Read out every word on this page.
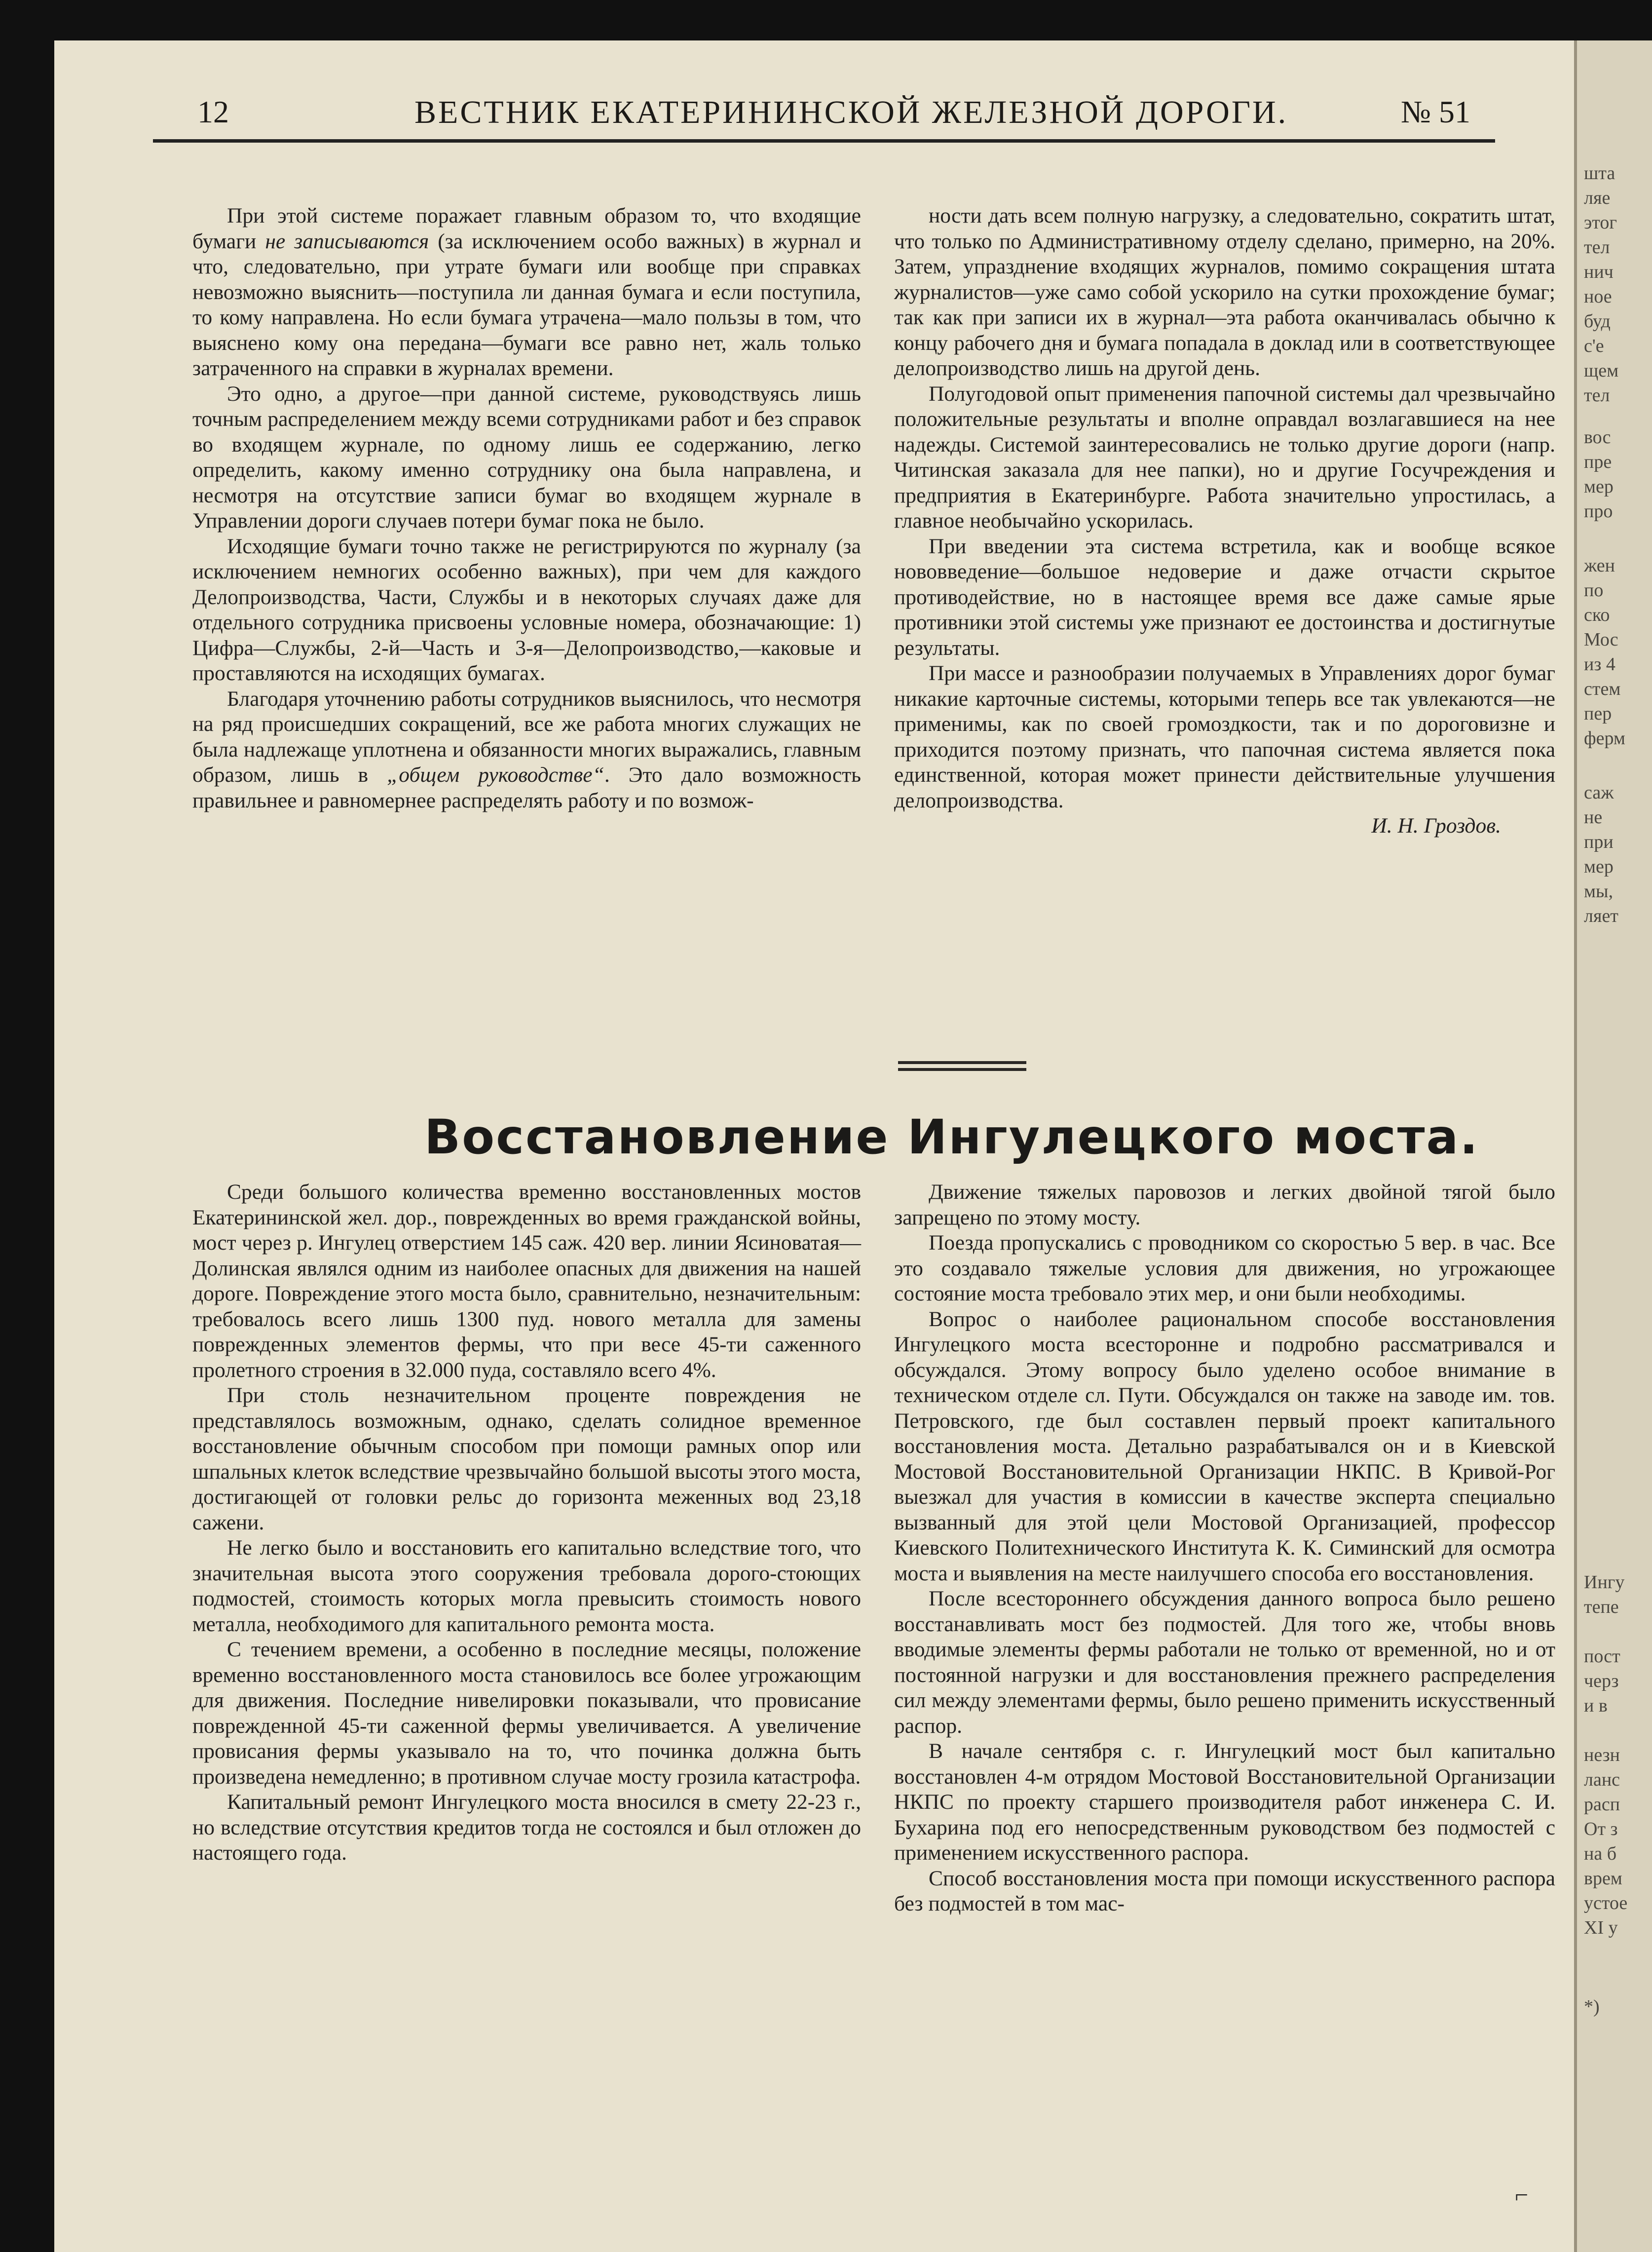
12	ВЕСТНИК ЕКАТЕРИНИНСКОЙ ЖЕЛЕЗНОЙ ДОРОГИ.	№ 51

При этой системе поражает главным образом то, что входящие бумаги не записываются (за исключением особо важных) в журнал и что, следовательно, при утрате бумаги или вообще при справках невозможно выяснить—поступила ли данная бумага и если поступила, то кому направлена. Но если бумага утрачена—мало пользы в том, что выяснено кому она передана—бумаги все равно нет, жаль только затраченного на справки в журналах времени.

Это одно, а другое—при данной системе, руководствуясь лишь точным распределением между всеми сотрудниками работ и без справок во входящем журнале, по одному лишь ее содержанию, легко определить, какому именно сотруднику она была направлена, и несмотря на отсутствие записи бумаг во входящем журнале в Управлении дороги случаев потери бумаг пока не было.

Исходящие бумаги точно также не регистрируются по журналу (за исключением немногих особенно важных), при чем для каждого Делопроизводства, Части, Службы и в некоторых случаях даже для отдельного сотрудника присвоены условные номера, обозначающие: 1) Цифра—Службы, 2-й—Часть и 3-я—Делопроизводство,—каковые и проставляются на исходящих бумагах.

Благодаря уточнению работы сотрудников выяснилось, что несмотря на ряд происшедших сокращений, все же работа многих служащих не была надлежаще уплотнена и обязанности многих выражались, главным образом, лишь в „общем руководстве“. Это дало возможность правильнее и равномернее распределять работу и по возмож-

ности дать всем полную нагрузку, а следовательно, сократить штат, что только по Административному отделу сделано, примерно, на 20%. Затем, упразднение входящих журналов, помимо сокращения штата журналистов—уже само собой ускорило на сутки прохождение бумаг; так как при записи их в журнал—эта работа оканчивалась обычно к концу рабочего дня и бумага попадала в доклад или в соответствующее делопроизводство лишь на другой день.

Полугодовой опыт применения папочной системы дал чрезвычайно положительные результаты и вполне оправдал возлагавшиеся на нее надежды. Системой заинтересовались не только другие дороги (напр. Читинская заказала для нее папки), но и другие Госучреждения и предприятия в Екатеринбурге. Работа значительно упростилась, а главное необычайно ускорилась.

При введении эта система встретила, как и вообще всякое нововведение—большое недоверие и даже отчасти скрытое противодействие, но в настоящее время все даже самые ярые противники этой системы уже признают ее достоинства и достигнутые результаты.

При массе и разнообразии получаемых в Управлениях дорог бумаг никакие карточные системы, которыми теперь все так увлекаются—не применимы, как по своей громоздкости, так и по дороговизне и приходится поэтому признать, что папочная система является пока единственной, которая может принести действительные улучшения делопроизводства.

И. Н. Гроздов.

Восстановление Ингулецкого моста.

Среди большого количества временно восстановленных мостов Екатерининской жел. дор., поврежденных во время гражданской войны, мост через р. Ингулец отверстием 145 саж. 420 вер. линии Ясиноватая—Долинская являлся одним из наиболее опасных для движения на нашей дороге. Повреждение этого моста было, сравнительно, незначительным: требовалось всего лишь 1300 пуд. нового металла для замены поврежденных элементов фермы, что при весе 45-ти саженного пролетного строения в 32.000 пуда, составляло всего 4%.

При столь незначительном проценте повреждения не представлялось возможным, однако, сделать солидное временное восстановление обычным способом при помощи рамных опор или шпальных клеток вследствие чрезвычайно большой высоты этого моста, достигающей от головки рельс до горизонта меженных вод 23,18 сажени.

Не легко было и восстановить его капитально вследствие того, что значительная высота этого сооружения требовала дорого-стоющих подмостей, стоимость которых могла превысить стоимость нового металла, необходимого для капитального ремонта моста.

С течением времени, а особенно в последние месяцы, положение временно восстановленного моста становилось все более угрожающим для движения. Последние нивелировки показывали, что провисание поврежденной 45-ти саженной фермы увеличивается. А увеличение провисания фермы указывало на то, что починка должна быть произведена немедленно; в противном случае мосту грозила катастрофа.

Капитальный ремонт Ингулецкого моста вносился в смету 22-23 г., но вследствие отсутствия кредитов тогда не состоялся и был отложен до настоящего года.

Движение тяжелых паровозов и легких двойной тягой было запрещено по этому мосту.

Поезда пропускались с проводником со скоростью 5 вер. в час. Все это создавало тяжелые условия для движения, но угрожающее состояние моста требовало этих мер, и они были необходимы.

Вопрос о наиболее рациональном способе восстановления Ингулецкого моста всесторонне и подробно рассматривался и обсуждался. Этому вопросу было уделено особое внимание в техническом отделе сл. Пути. Обсуждался он также на заводе им. тов. Петровского, где был составлен первый проект капитального восстановления моста. Детально разрабатывался он и в Киевской Мостовой Восстановительной Организации НКПС. В Кривой-Рог выезжал для участия в комиссии в качестве эксперта специально вызванный для этой цели Мостовой Организацией, профессор Киевского Политехнического Института К. К. Симинский для осмотра моста и выявления на месте наилучшего способа его восстановления.

После всестороннего обсуждения данного вопроса было решено восстанавливать мост без подмостей. Для того же, чтобы вновь вводимые элементы фермы работали не только от временной, но и от постоянной нагрузки и для восстановления прежнего распределения сил между элементами фермы, было решено применить искусственный распор.

В начале сентября с. г. Ингулецкий мост был капитально восстановлен 4-м отрядом Мостовой Восстановительной Организации НКПС по проекту старшего производителя работ инженера С. И. Бухарина под его непосредственным руководством без подмостей с применением искусственного распора.

Способ восстановления моста при помощи искусственного распора без подмостей в том мас-

шта
ляе
этог
тел
нич
ное
буд
с'е
щем
тел
вос
пре
мер
про
жен
по
ско
Мос
из 4
стем
пер
ферм
саж
не
при
мер
мы,
ляет
Ингу
тепе
пост
черз
и в
незн
ланс
расп
От з
на б
врем
устое
XI у
*)
⌐
